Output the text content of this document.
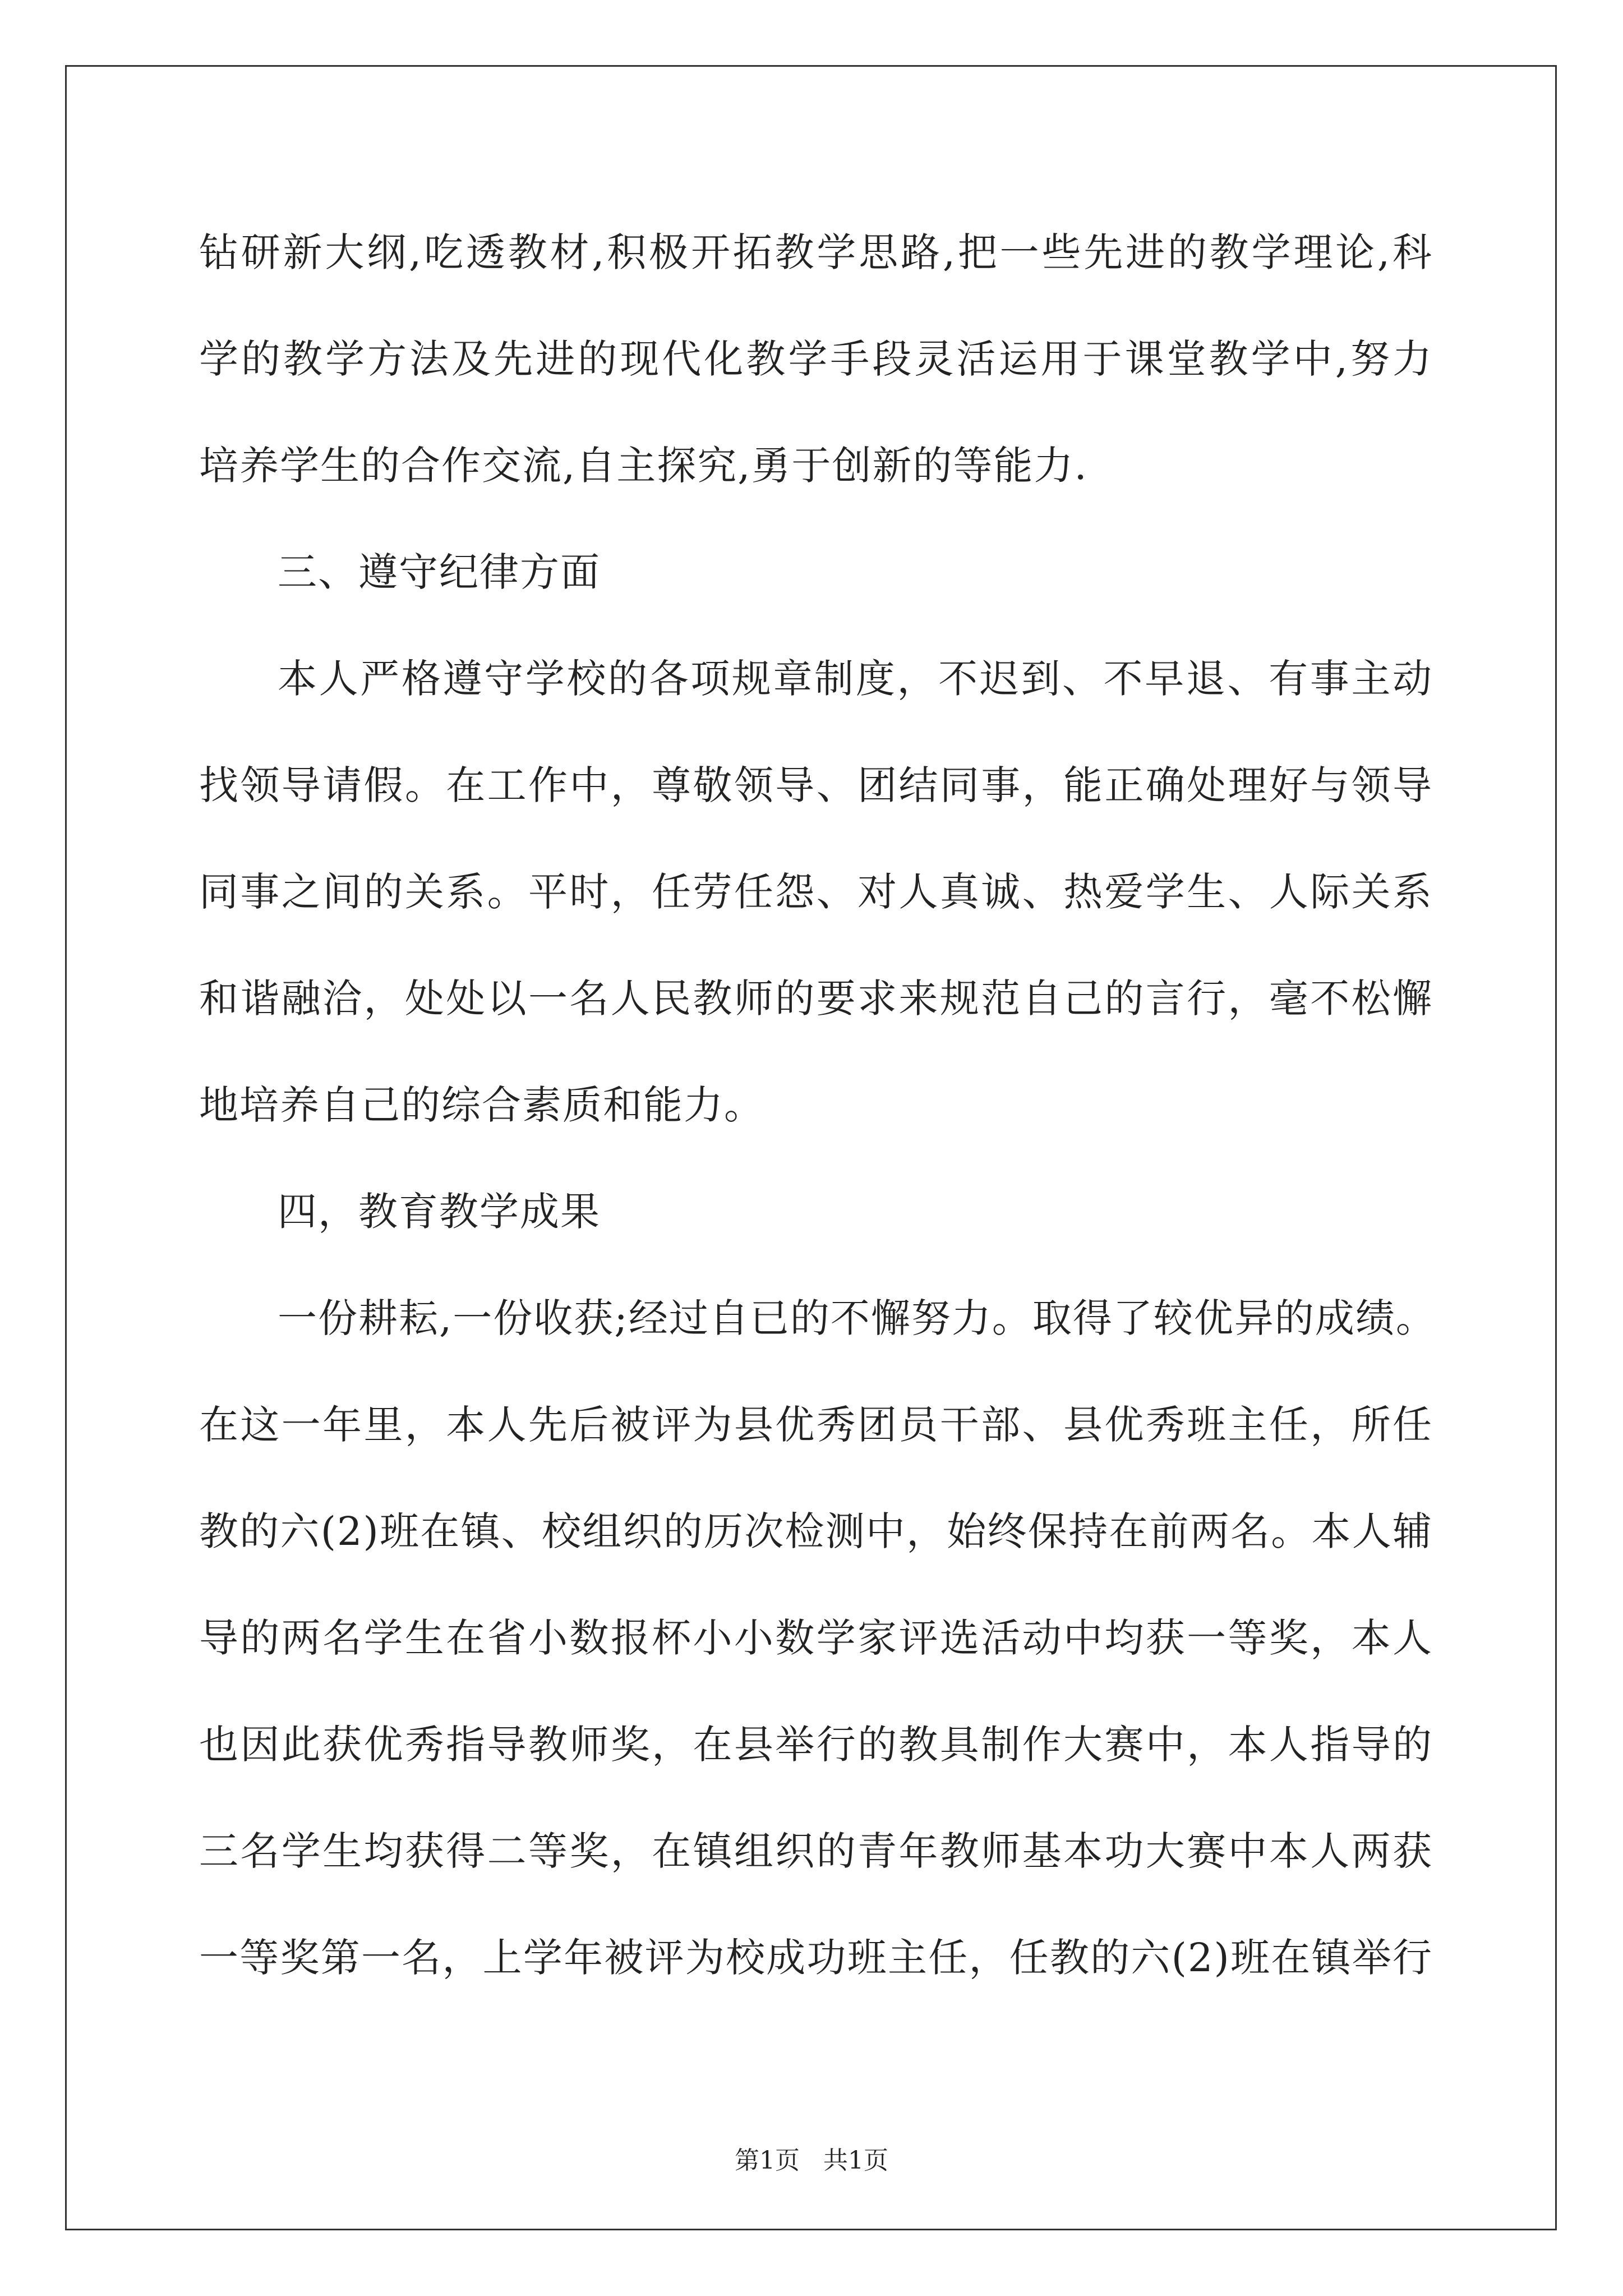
钻研新大纲,吃透教材,积极开拓教学思路,把一些先进的教学理论,科
学的教学方法及先进的现代化教学手段灵活运用于课堂教学中,努力
培养学生的合作交流,自主探究,勇于创新的等能力.
三、遵守纪律方面
本人严格遵守学校的各项规章制度，不迟到、不早退、有事主动
找领导请假。在工作中，尊敬领导、团结同事，能正确处理好与领导
同事之间的关系。平时，任劳任怨、对人真诚、热爱学生、人际关系
和谐融洽，处处以一名人民教师的要求来规范自己的言行，毫不松懈
地培养自己的综合素质和能力。
四，教育教学成果
一份耕耘,一份收获;经过自已的不懈努力。取得了较优异的成绩。
在这一年里，本人先后被评为县优秀团员干部、县优秀班主任，所任
教的六(2)班在镇、校组织的历次检测中，始终保持在前两名。本人辅
导的两名学生在省小数报杯小小数学家评选活动中均获一等奖，本人
也因此获优秀指导教师奖，在县举行的教具制作大赛中，本人指导的
三名学生均获得二等奖，在镇组织的青年教师基本功大赛中本人两获
一等奖第一名，上学年被评为校成功班主任，任教的六(2)班在镇举行
第1页   共1页
